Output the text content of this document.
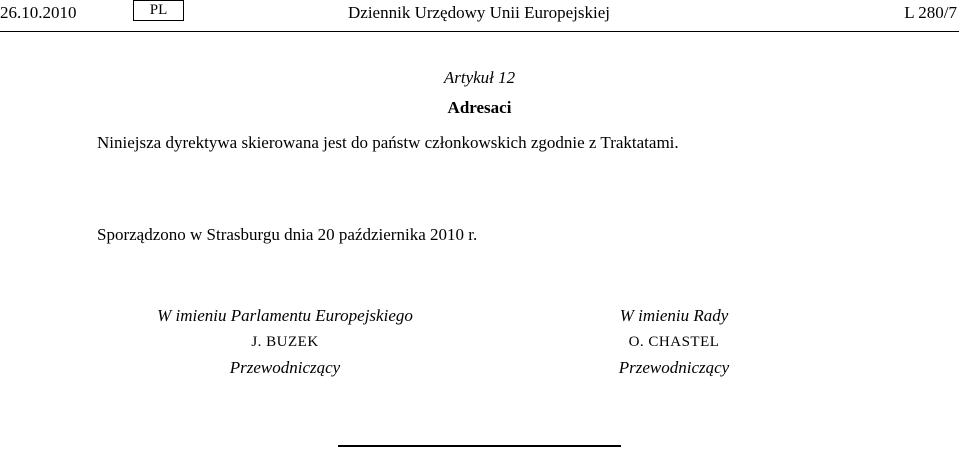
26.10.2010	PL	Dziennik Urzędowy Unii Europejskiej	L 280/7
Artykuł 12
Adresaci
Niniejsza dyrektywa skierowana jest do państw członkowskich zgodnie z Traktatami.
Sporządzono w Strasburgu dnia 20 października 2010 r.
W imieniu Parlamentu Europejskiego
J. BUZEK
Przewodniczący
W imieniu Rady
O. CHASTEL
Przewodniczący
